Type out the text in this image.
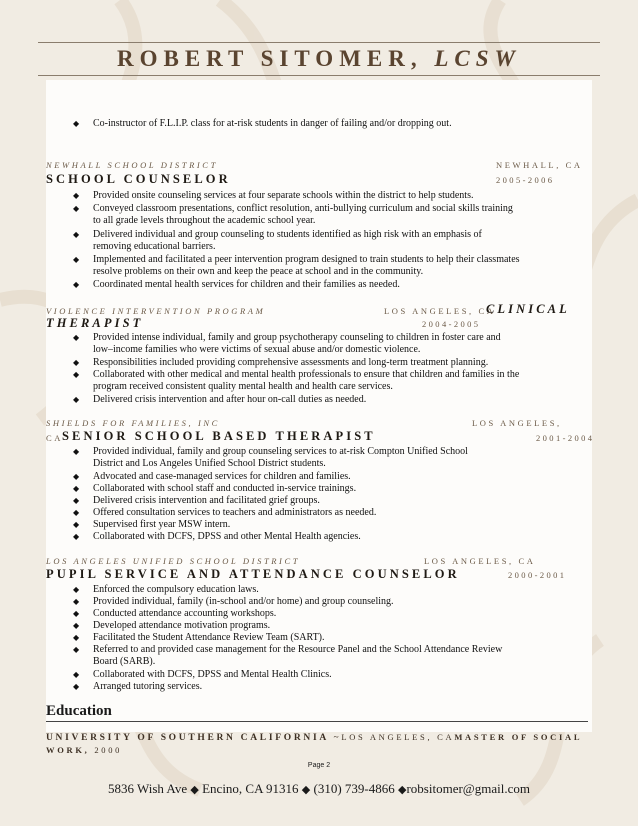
ROBERT SITOMER, LCSW
◆ Co-instructor of F.L.I.P. class for at-risk students in danger of failing and/or dropping out.
NEWHALL SCHOOL DISTRICT	NEWHALL, CA
SCHOOL COUNSELOR	2005-2006
◆ Provided onsite counseling services at four separate schools within the district to help students.
◆ Conveyed classroom presentations, conflict resolution, anti-bullying curriculum and social skills training
to all grade levels throughout the academic school year.
◆ Delivered individual and group counseling to students identified as high risk with an emphasis of
removing educational barriers.
◆ Implemented and facilitated a peer intervention program designed to train students to help their classmates
resolve problems on their own and keep the peace at school and in the community.
◆ Coordinated mental health services for children and their families as needed.
VIOLENCE INTERVENTION PROGRAM	LOS ANGELES, CA
CLINICAL
THERAPIST	2004-2005
◆ Provided intense individual, family and group psychotherapy counseling to children in foster care and
low–income families who were victims of sexual abuse and/or domestic violence.
◆ Responsibilities included providing comprehensive assessments and long-term treatment planning.
◆ Collaborated with other medical and mental health professionals to ensure that children and families in the
program received consistent quality mental health and health care services.
◆ Delivered crisis intervention and after hour on-call duties as needed.
SHIELDS FOR FAMILIES, INC	LOS ANGELES,
CA
SENIOR SCHOOL BASED THERAPIST	2001-2004
◆ Provided individual, family and group counseling services to at-risk Compton Unified School
District and Los Angeles Unified School District students.
◆ Advocated and case-managed services for children and families.
◆ Collaborated with school staff and conducted in-service trainings.
◆ Delivered crisis intervention and facilitated grief groups.
◆ Offered consultation services to teachers and administrators as needed.
◆ Supervised first year MSW intern.
◆ Collaborated with DCFS, DPSS and other Mental Health agencies.
LOS ANGELES UNIFIED SCHOOL DISTRICT	LOS ANGELES, CA
PUPIL SERVICE AND ATTENDANCE COUNSELOR	2000-2001
◆ Enforced the compulsory education laws.
◆ Provided individual, family (in-school and/or home) and group counseling.
◆ Conducted attendance accounting workshops.
◆ Developed attendance motivation programs.
◆ Facilitated the Student Attendance Review Team (SART).
◆ Referred to and provided case management for the Resource Panel and the School Attendance Review
Board (SARB).
◆ Collaborated with DCFS, DPSS and Mental Health Clinics.
◆ Arranged tutoring services.
Education
UNIVERSITY OF SOUTHERN CALIFORNIA ~LOS ANGELES, CAMASTER OF SOCIAL
WORK, 2000
Page 2
5836 Wish Ave ◆ Encino, CA 91316 ◆ (310) 739-4866 ◆robsitomer@gmail.com
